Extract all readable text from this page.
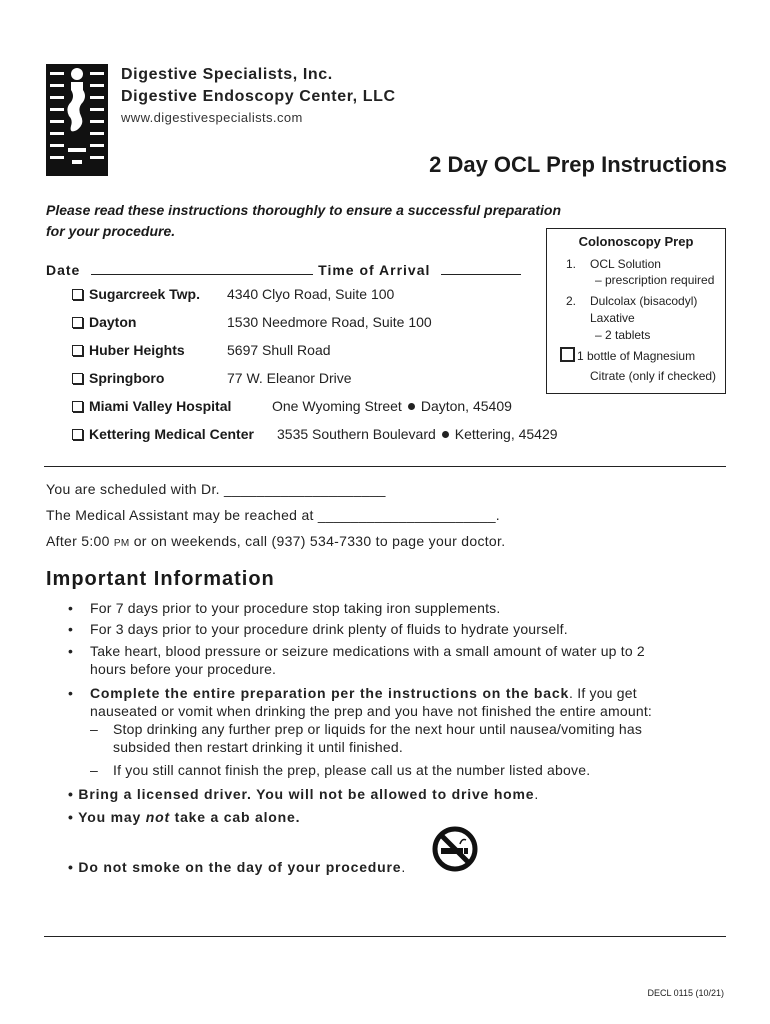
Digestive Specialists, Inc.
Digestive Endoscopy Center, LLC
www.digestivespecialists.com
2 Day OCL Prep Instructions
Please read these instructions thoroughly to ensure a successful preparation
for your procedure.
Colonoscopy Prep
1. OCL Solution
– prescription required
2. Dulcolax (bisacodyl)
Laxative
– 2 tablets
1 bottle of Magnesium
Citrate (only if checked)
Date	Time of Arrival
Sugarcreek Twp. 4340 Clyo Road, Suite 100
Dayton	1530 Needmore Road, Suite 100
Huber Heights	5697 Shull Road
Springboro	77 W. Eleanor Drive
Miami Valley Hospital	One Wyoming Street Dayton, 45409
Kettering Medical Center 3535 Southern Boulevard Kettering, 45429
You are scheduled with Dr. ____________________
The Medical Assistant may be reached at ______________________.
After 5:00 PM or on weekends, call (937) 534-7330 to page your doctor.
Important Information
• For 7 days prior to your procedure stop taking iron supplements.
• For 3 days prior to your procedure drink plenty of fluids to hydrate yourself.
• Take heart, blood pressure or seizure medications with a small amount of water up to 2
hours before your procedure.
• Complete the entire preparation per the instructions on the back. If you get
nauseated or vomit when drinking the prep and you have not finished the entire amount:
– Stop drinking any further prep or liquids for the next hour until nausea/vomiting has
subsided then restart drinking it until finished.
– If you still cannot finish the prep, please call us at the number listed above.
• Bring a licensed driver. You will not be allowed to drive home.
• You may not take a cab alone.
• Do not smoke on the day of your procedure.
DECL 0115 (10/21)
